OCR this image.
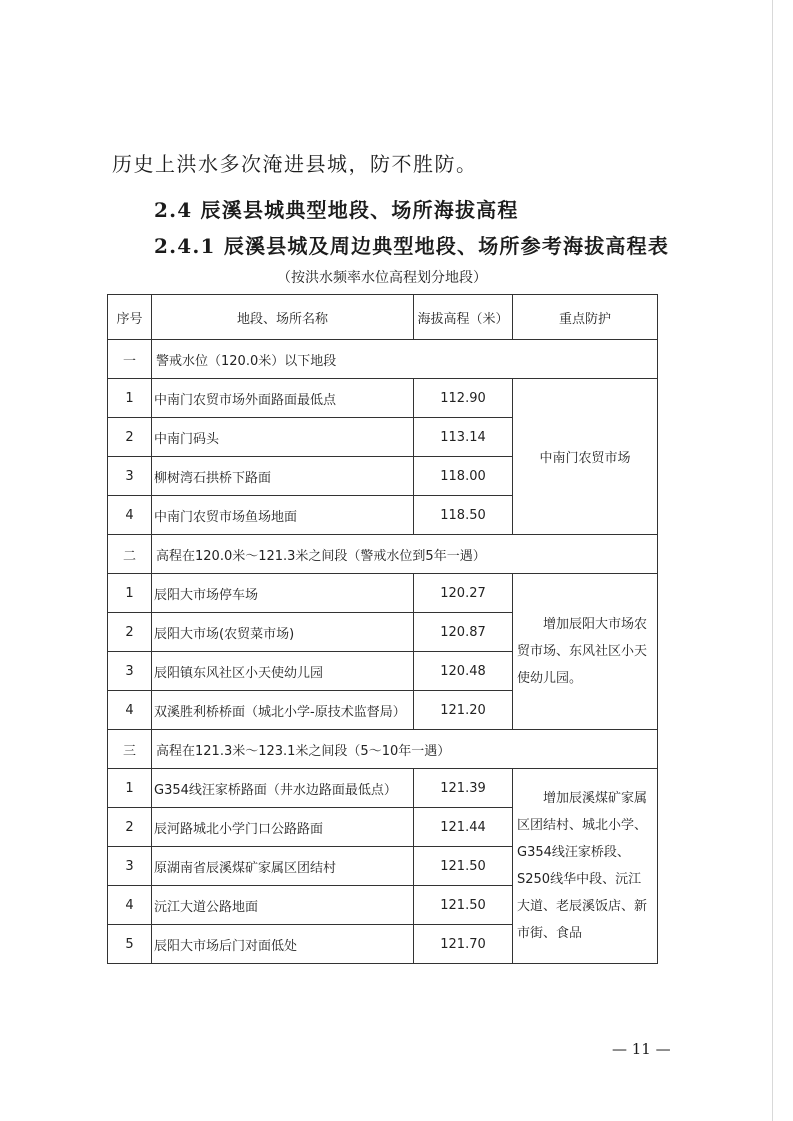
历史上洪水多次淹进县城，防不胜防。
2.4 辰溪县城典型地段、场所海拔高程
2.4.1 辰溪县城及周边典型地段、场所参考海拔高程表
（按洪水频率水位高程划分地段）
序号	地段、场所名称	海拔高程（米）	重点防护
一	警戒水位（120.0米）以下地段		
1	中南门农贸市场外面路面最低点	112.90	中南门农贸市场

2	中南门码头	113.14	
3	柳树湾石拱桥下路面	118.00	
4	中南门农贸市场鱼场地面	118.50	
二	高程在120.0米～121.3米之间段（警戒水位到5年一遇）		
1	辰阳大市场停车场	120.27	增加辰阳大市场农贸市场、东风社区小天使幼儿园。

2	辰阳大市场(农贸菜市场)	120.87	
3	辰阳镇东风社区小天使幼儿园	120.48	
4	双溪胜利桥桥面（城北小学-原技术监督局）	121.20	
三	高程在121.3米～123.1米之间段（5～10年一遇）		
1	G354线汪家桥路面（井水边路面最低点）	121.39	增加辰溪煤矿家属区团结村、城北小学、G354线汪家桥段、S250线华中段、沅江大道、老辰溪饭店、新市街、食品

2	辰河路城北小学门口公路路面	121.44	
3	原湖南省辰溪煤矿家属区团结村	121.50	
4	沅江大道公路地面	121.50	
5	辰阳大市场后门对面低处	121.70	
— 11 —
